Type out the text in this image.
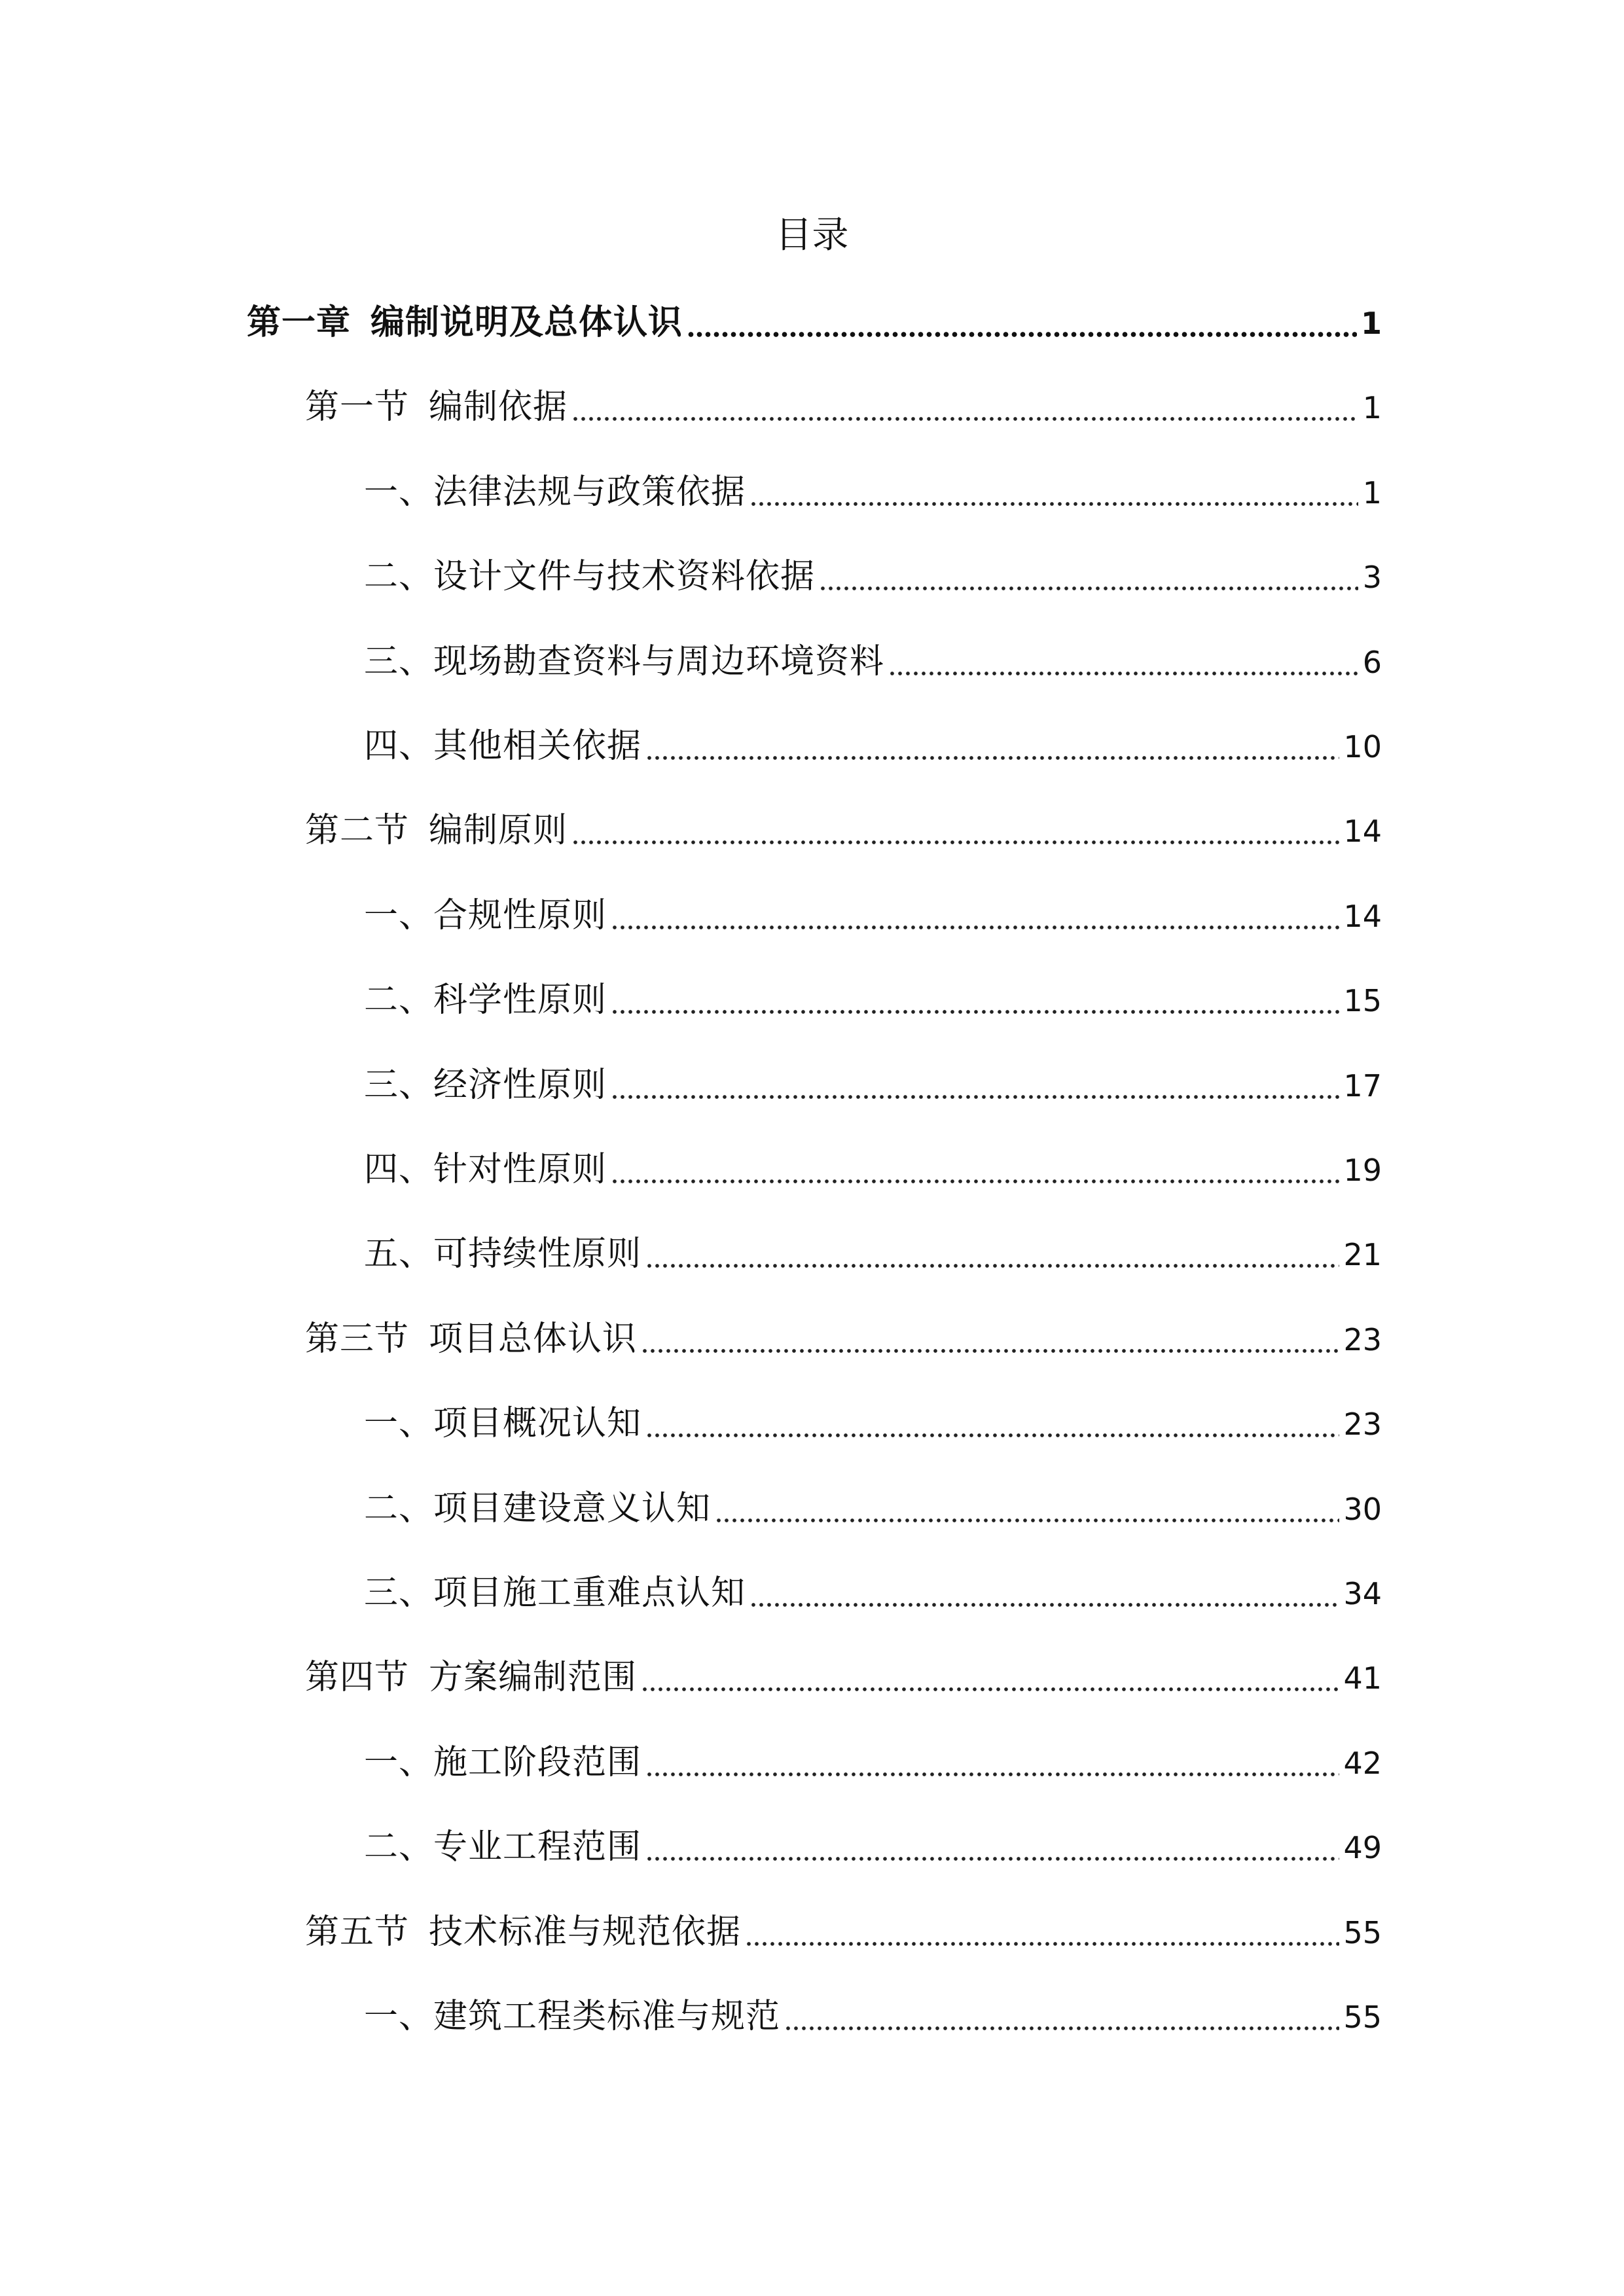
目录
第一章 编制说明及总体认识	1
第一节 编制依据	1
一、法律法规与政策依据	1
二、设计文件与技术资料依据	3
三、现场勘查资料与周边环境资料	6
四、其他相关依据	10
第二节 编制原则	14
一、合规性原则	14
二、科学性原则	15
三、经济性原则	17
四、针对性原则	19
五、可持续性原则	21
第三节 项目总体认识	23
一、项目概况认知	23
二、项目建设意义认知	30
三、项目施工重难点认知	34
第四节 方案编制范围	41
一、施工阶段范围	42
二、专业工程范围	49
第五节 技术标准与规范依据	55
一、建筑工程类标准与规范	55
